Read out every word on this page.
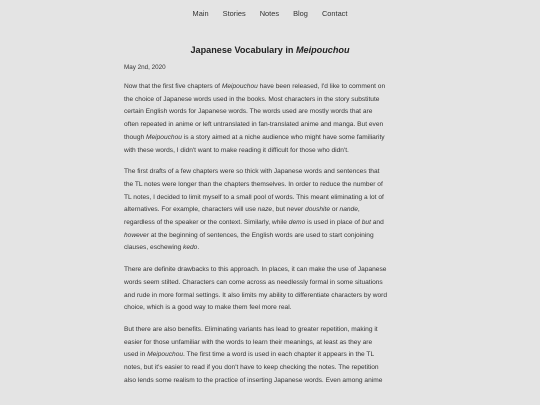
Main Stories Notes Blog Contact
Japanese Vocabulary in Meipouchou

May 2nd, 2020

Now that the first five chapters of Meipouchou have been released, I'd like to comment on
the choice of Japanese words used in the books. Most characters in the story substitute
certain English words for Japanese words. The words used are mostly words that are
often repeated in anime or left untranslated in fan-translated anime and manga. But even
though Meipouchou is a story aimed at a niche audience who might have some familiarity
with these words, I didn't want to make reading it difficult for those who didn't.

The first drafts of a few chapters were so thick with Japanese words and sentences that
the TL notes were longer than the chapters themselves. In order to reduce the number of
TL notes, I decided to limit myself to a small pool of words. This meant eliminating a lot of
alternatives. For example, characters will use naze, but never doushite or nande,
regardless of the speaker or the context. Similarly, while demo is used in place of but and
however at the beginning of sentences, the English words are used to start conjoining
clauses, eschewing kedo.

There are definite drawbacks to this approach. In places, it can make the use of Japanese
words seem stilted. Characters can come across as needlessly formal in some situations
and rude in more formal settings. It also limits my ability to differentiate characters by word
choice, which is a good way to make them feel more real.

But there are also benefits. Eliminating variants has lead to greater repetition, making it
easier for those unfamiliar with the words to learn their meanings, at least as they are
used in Meipouchou. The first time a word is used in each chapter it appears in the TL
notes, but it's easier to read if you don't have to keep checking the notes. The repetition
also lends some realism to the practice of inserting Japanese words. Even among anime
